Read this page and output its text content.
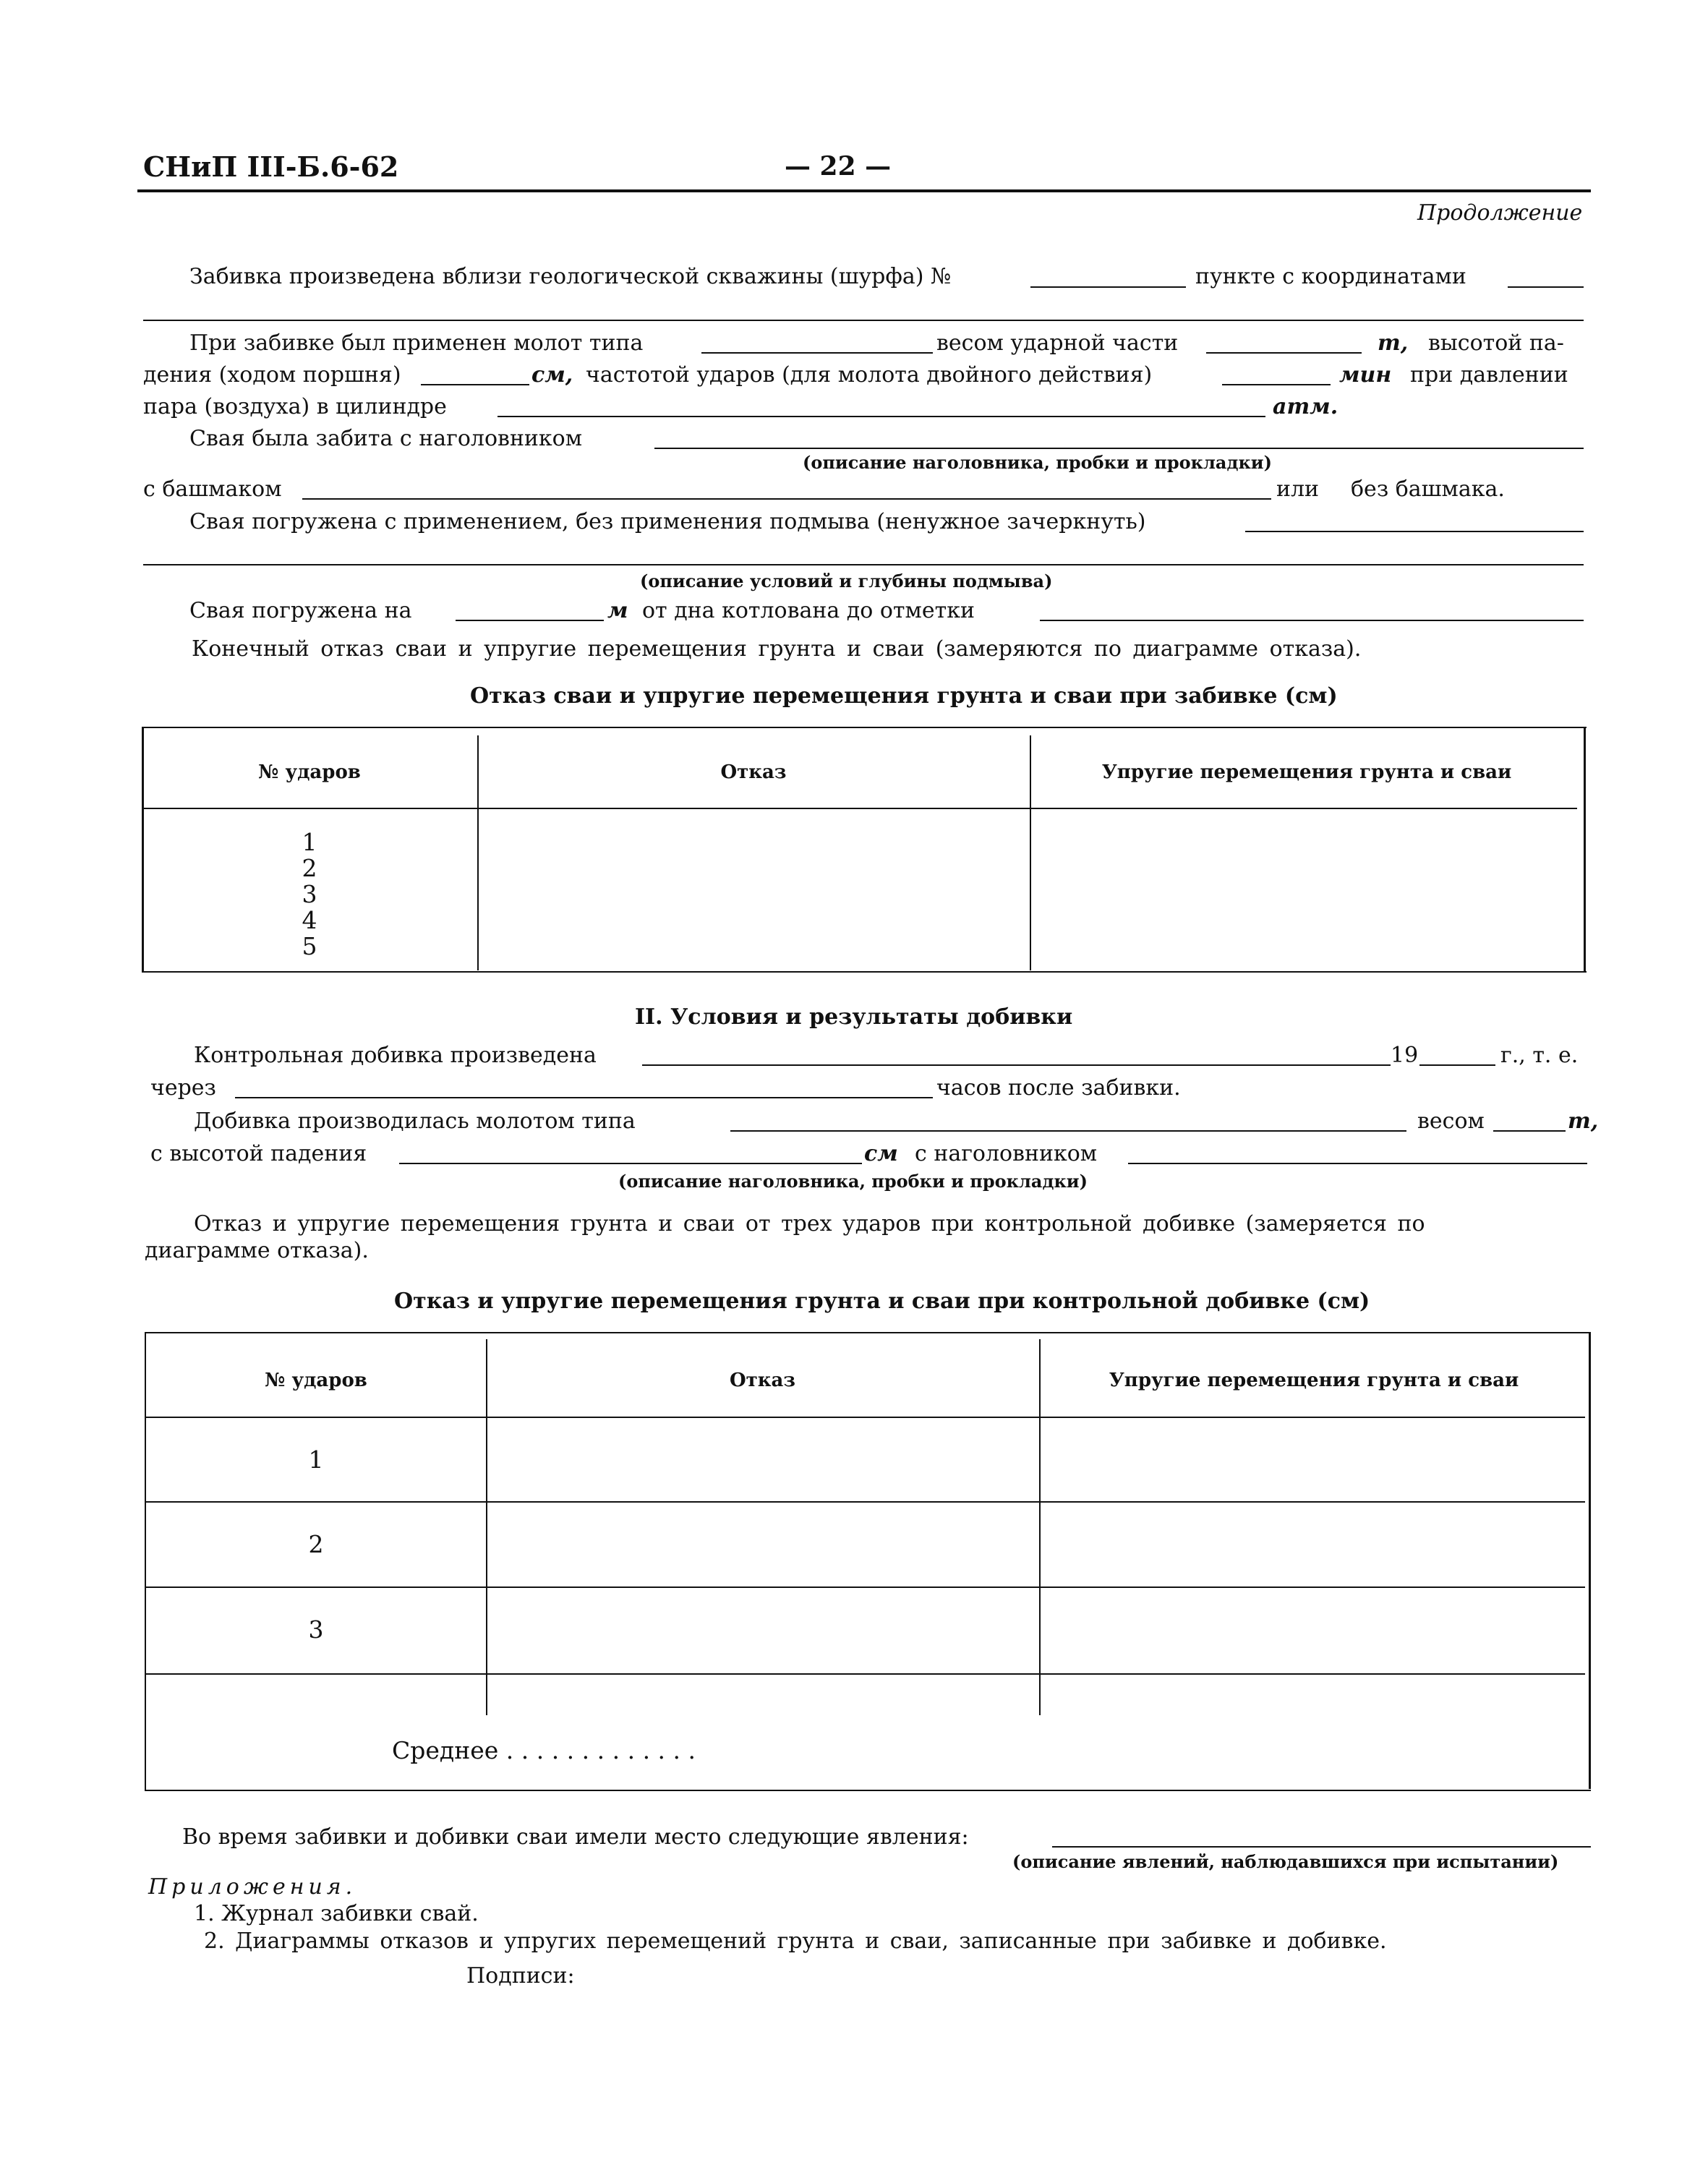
СНиП III-Б.6-62	— 22 —
Продолжение
Забивка произведена вблизи геологической скважины (шурфа) №	пункте с координатами
При забивке был применен молот типа	весом ударной части	т, высотой па-
дения (ходом поршня)	см, частотой ударов (для молота двойного действия)	мин при давлении
пара (воздуха) в цилиндре	атм.
Свая была забита с наголовником
(описание наголовника, пробки и прокладки)
с башмаком	или без башмака.
Свая погружена с применением, без применения подмыва (ненужное зачеркнуть)
(описание условий и глубины подмыва)
Свая погружена на	м от дна котлована до отметки
Конечный отказ сваи и упругие перемещения грунта и сваи (замеряются по диаграмме отказа).
Отказ сваи и упругие перемещения грунта и сваи при забивке (см)
№ ударов	Отказ	Упругие перемещения грунта и сваи
1
2
3
4
5
II. Условия и результаты добивки
Контрольная добивка произведена	19	г., т. е.
через	часов после забивки.
Добивка производилась молотом типа	весом	т,
с высотой падения	см с наголовником
(описание наголовника, пробки и прокладки)
Отказ и упругие перемещения грунта и сваи от трех ударов при контрольной добивке (замеряется по
диаграмме отказа).
Отказ и упругие перемещения грунта и сваи при контрольной добивке (см)
№ ударов	Отказ	Упругие перемещения грунта и сваи
1
2
3
Среднее . . . . . . . . . . . . .
Во время забивки и добивки сваи имели место следующие явления:
(описание явлений, наблюдавшихся при испытании)
Приложения.
1. Журнал забивки свай.
2. Диаграммы отказов и упругих перемещений грунта и сваи, записанные при забивке и добивке.
Подписи:
